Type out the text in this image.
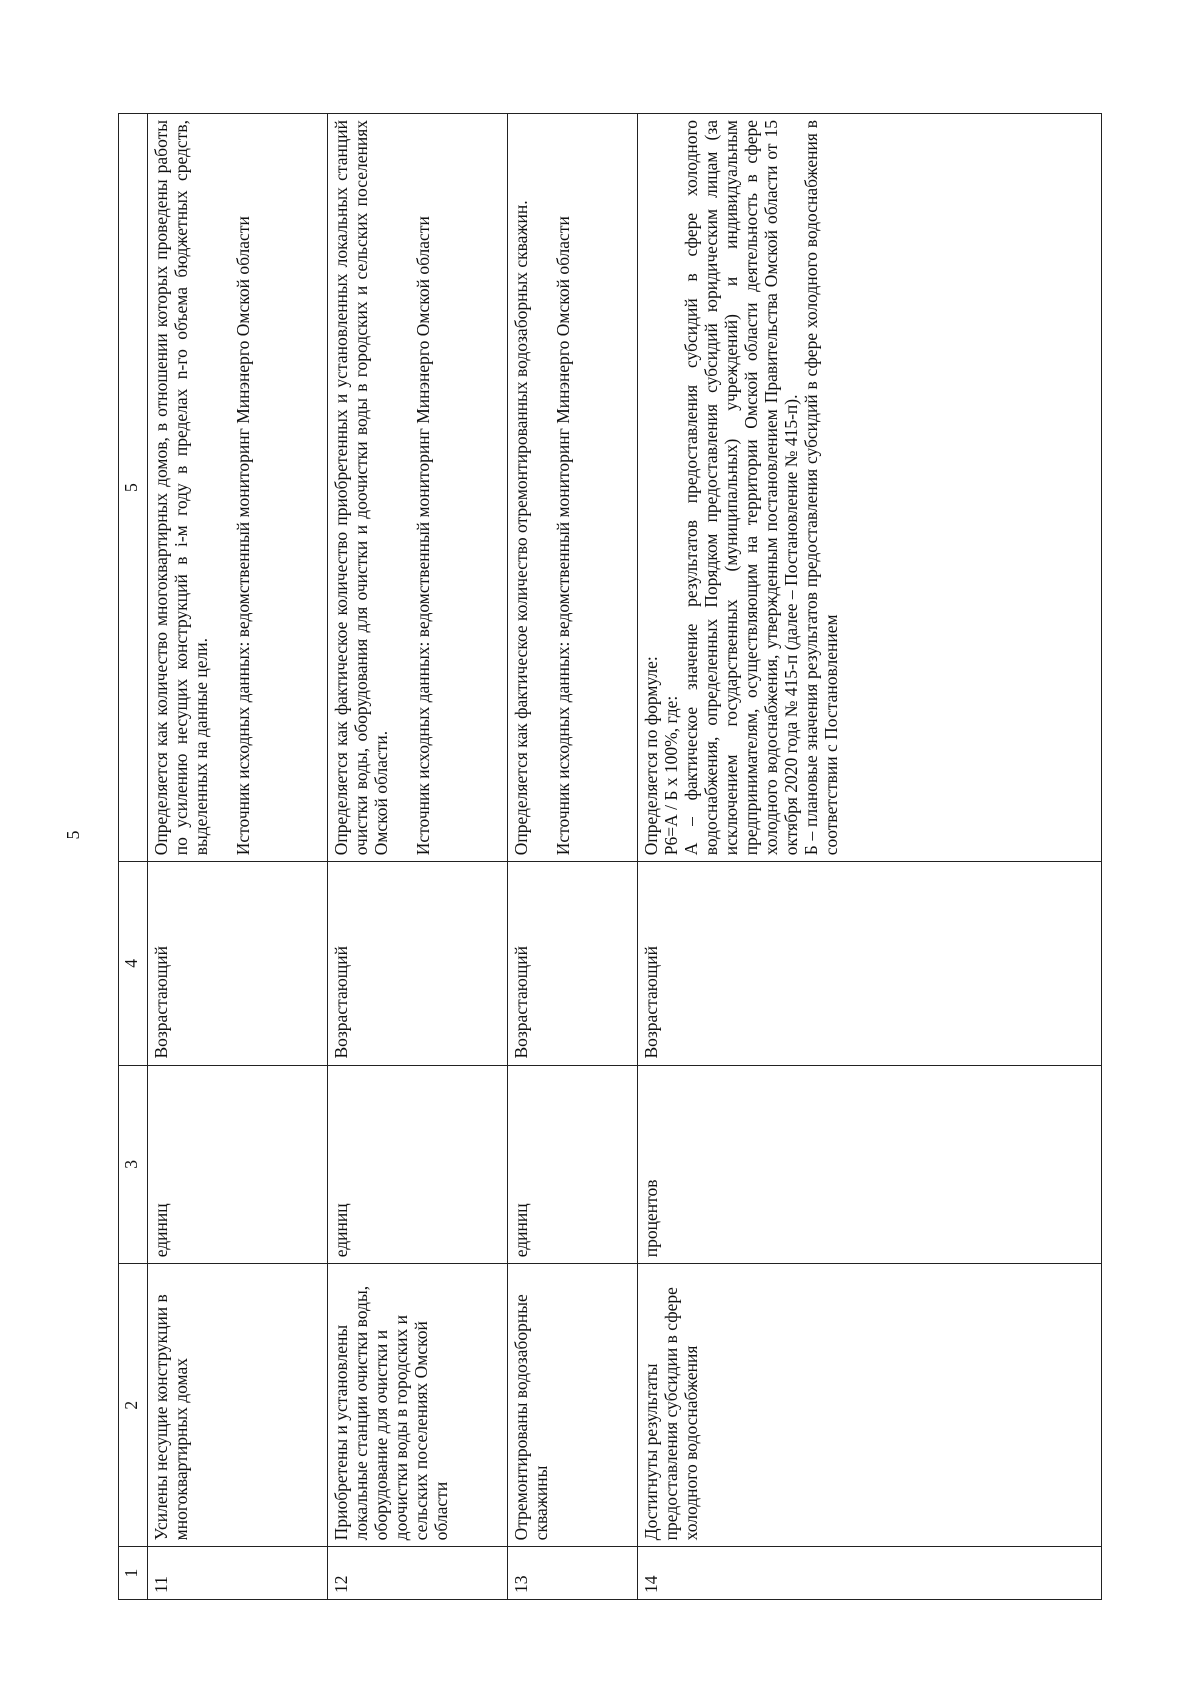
5
1	2	3	4	5
11	Усилены несущие конструкции в многоквартирных домах	единиц	Возрастающий	Определяется как количество многоквартирных домов, в отношении которых проведены работы по усилению несущих конструкций в i-м году в пределах n-го объема бюджетных средств, выделенных на данные цели. Источник исходных данных: ведомственный мониторинг Минэнерго Омской области

12	Приобретены и установлены локальные станции очистки воды, оборудование для очистки и доочистки воды в городских и сельских поселениях Омской области	единиц	Возрастающий	Определяется как фактическое количество приобретенных и установленных локальных станций очистки воды, оборудования для очистки и доочистки воды в городских и сельских поселениях Омской области. Источник исходных данных: ведомственный мониторинг Минэнерго Омской области

13	Отремонтированы водозаборные скважины	единиц	Возрастающий	Определяется как фактическое количество отремонтированных водозаборных скважин. Источник исходных данных: ведомственный мониторинг Минэнерго Омской области

14	Достигнуты результаты предоставления субсидии в сфере холодного водоснабжения	процентов	Возрастающий	Определяется по формуле: Р6=А / Б х 100%, где: А – фактическое значение результатов предоставления субсидий в сфере холодного водоснабжения, определенных Порядком предоставления субсидий юридическим лицам (за исключением государственных (муниципальных) учреждений) и индивидуальным предпринимателям, осуществляющим на территории Омской области деятельность в сфере холодного водоснабжения, утвержденным постановлением Правительства Омской области от 15 октября 2020 года № 415-п (далее – Постановление № 415-п). Б – плановые значения результатов предоставления субсидий в сфере холодного водоснабжения в соответствии с Постановлением
